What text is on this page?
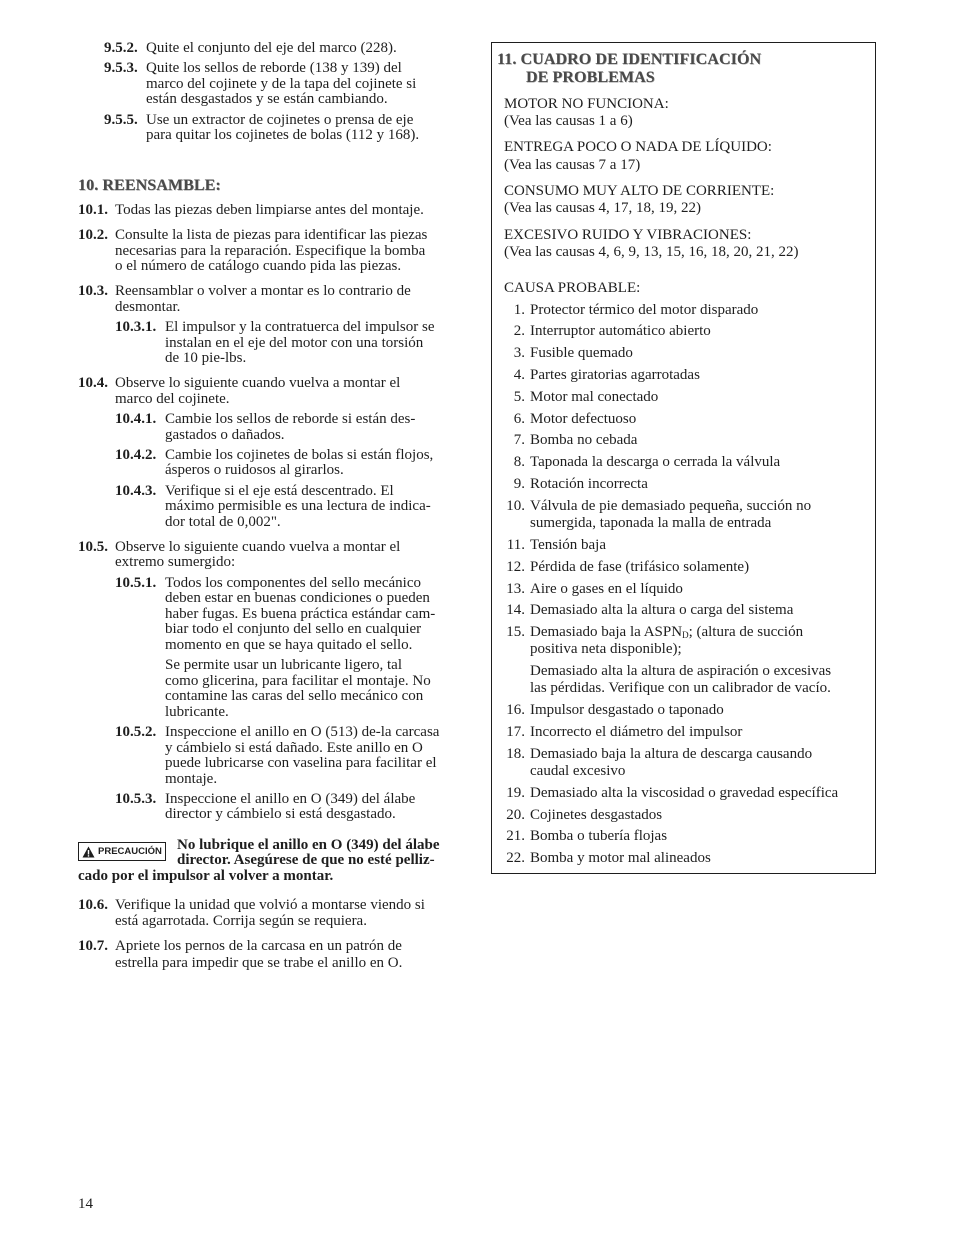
9.5.2. Quite el conjunto del eje del marco (228).
9.5.3. Quite los sellos de reborde (138 y 139) del
marco del cojinete y de la tapa del cojinete si
están desgastados y se están cambiando.
9.5.5. Use un extractor de cojinetes o prensa de eje
para quitar los cojinetes de bolas (112 y 168).
10. REENSAMBLE:
10.1. Todas las piezas deben limpiarse antes del montaje.
10.2. Consulte la lista de piezas para identificar las piezas
necesarias para la reparación. Especifique la bomba
o el número de catálogo cuando pida las piezas.
10.3. Reensamblar o volver a montar es lo contrario de
desmontar.
10.3.1. El impulsor y la contratuerca del impulsor se
instalan en el eje del motor con una torsión
de 10 pie-lbs.
10.4. Observe lo siguiente cuando vuelva a montar el
marco del cojinete.
10.4.1. Cambie los sellos de reborde si están des-
gastados o dañados.
10.4.2. Cambie los cojinetes de bolas si están flojos,
ásperos o ruidosos al girarlos.
10.4.3. Verifique si el eje está descentrado. El
máximo permisible es una lectura de indica-
dor total de 0,002".
10.5. Observe lo siguiente cuando vuelva a montar el
extremo sumergido:
10.5.1. Todos los componentes del sello mecánico
deben estar en buenas condiciones o pueden
haber fugas. Es buena práctica estándar cam-
biar todo el conjunto del sello en cualquier
momento en que se haya quitado el sello.
Se permite usar un lubricante ligero, tal
como glicerina, para facilitar el montaje. No
contamine las caras del sello mecánico con
lubricante.
10.5.2. Inspeccione el anillo en O (513) de-la carcasa
y cámbielo si está dañado. Este anillo en O
puede lubricarse con vaselina para facilitar el
montaje.
10.5.3. Inspeccione el anillo en O (349) del álabe
director y cámbielo si está desgastado.
PRECAUCIÓN No lubrique el anillo en O (349) del álabe
director. Asegúrese de que no esté pelliz-
cado por el impulsor al volver a montar.
10.6. Verifique la unidad que volvió a montarse viendo si
está agarrotada. Corrija según se requiera.
10.7. Apriete los pernos de la carcasa en un patrón de
estrella para impedir que se trabe el anillo en O.
11. CUADRO DE IDENTIFICACIÓN
DE PROBLEMAS
MOTOR NO FUNCIONA:
(Vea las causas 1 a 6)
ENTREGA POCO O NADA DE LÍQUIDO:
(Vea las causas 7 a 17)
CONSUMO MUY ALTO DE CORRIENTE:
(Vea las causas 4, 17, 18, 19, 22)
EXCESIVO RUIDO Y VIBRACIONES:
(Vea las causas 4, 6, 9, 13, 15, 16, 18, 20, 21, 22)
CAUSA PROBABLE:
1. Protector térmico del motor disparado
2. Interruptor automático abierto
3. Fusible quemado
4. Partes giratorias agarrotadas
5. Motor mal conectado
6. Motor defectuoso
7. Bomba no cebada
8. Taponada la descarga o cerrada la válvula
9. Rotación incorrecta
10. Válvula de pie demasiado pequeña, succión no
sumergida, taponada la malla de entrada
11. Tensión baja
12. Pérdida de fase (trifásico solamente)
13. Aire o gases en el líquido
14. Demasiado alta la altura o carga del sistema
15. Demasiado baja la $ASPN_D$; (altura de succión
positiva neta disponible);
Demasiado alta la altura de aspiración o excesivas
las pérdidas. Verifique con un calibrador de vacío.
16. Impulsor desgastado o taponado
17. Incorrecto el diámetro del impulsor
18. Demasiado baja la altura de descarga causando
caudal excesivo
19. Demasiado alta la viscosidad o gravedad específica
20. Cojinetes desgastados
21. Bomba o tubería flojas
22. Bomba y motor mal alineados
14
